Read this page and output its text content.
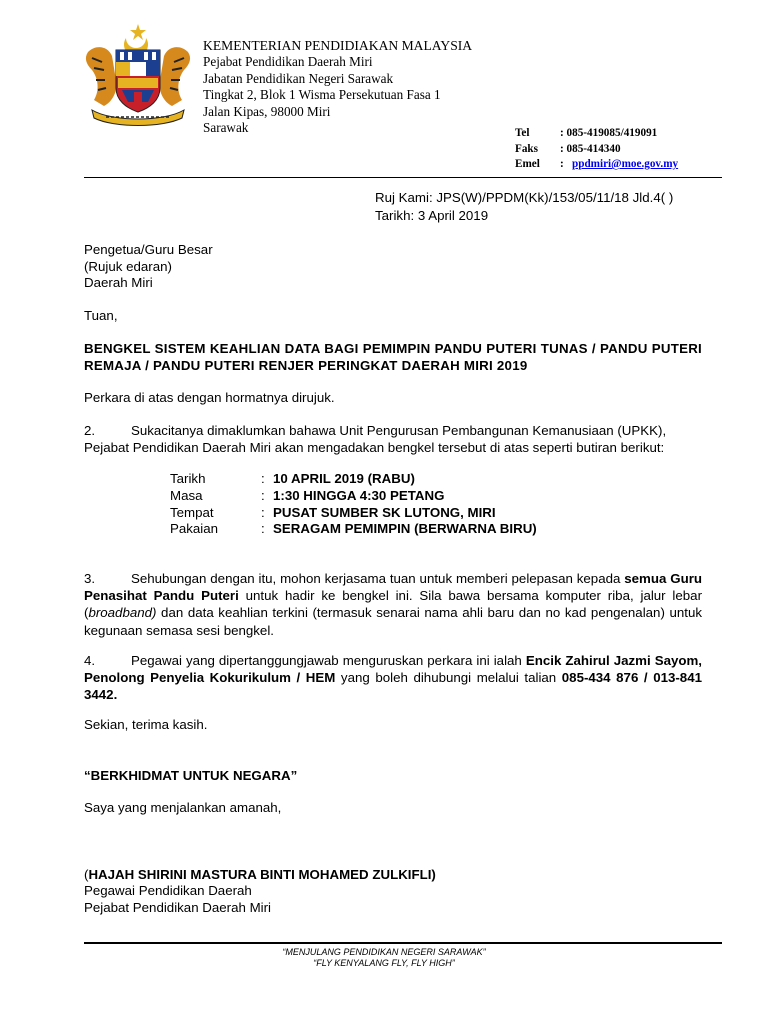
KEMENTERIAN PENDIDIAKAN MALAYSIA
Pejabat Pendidikan Daerah Miri
Jabatan Pendidikan Negeri Sarawak
Tingkat 2, Blok 1 Wisma Persekutuan Fasa 1
Jalan Kipas, 98000 Miri
Sarawak	Tel	: 085-419085/419091
Faks : 085-414340
Emel : ppdmiri@moe.gov.my
Ruj Kami: JPS(W)/PPDM(Kk)/153/05/11/18 Jld.4( )
Tarikh: 3 April 2019
Pengetua/Guru Besar
(Rujuk edaran)
Daerah Miri
Tuan,
BENGKEL SISTEM KEAHLIAN DATA BAGI PEMIMPIN PANDU PUTERI TUNAS / PANDU PUTERI REMAJA / PANDU PUTERI RENJER PERINGKAT DAERAH MIRI 2019
Perkara di atas dengan hormatnya dirujuk.
2.	Sukacitanya dimaklumkan bahawa Unit Pengurusan Pembangunan Kemanusiaan (UPKK),
Pejabat Pendidikan Daerah Miri akan mengadakan bengkel tersebut di atas seperti butiran berikut:
Tarikh	: 10 APRIL 2019 (RABU)
Masa	: 1:30 HINGGA 4:30 PETANG
Tempat	: PUSAT SUMBER SK LUTONG, MIRI
Pakaian	: SERAGAM PEMIMPIN (BERWARNA BIRU)
3.	Sehubungan dengan itu, mohon kerjasama tuan untuk memberi pelepasan kepada semua Guru Penasihat Pandu Puteri untuk hadir ke bengkel ini. Sila bawa bersama komputer riba, jalur lebar (broadband) dan data keahlian terkini (termasuk senarai nama ahli baru dan no kad pengenalan) untuk kegunaan semasa sesi bengkel.
4.	Pegawai yang dipertanggungjawab menguruskan perkara ini ialah Encik Zahirul Jazmi Sayom, Penolong Penyelia Kokurikulum / HEM yang boleh dihubungi melalui talian 085-434 876 / 013-841 3442.
Sekian, terima kasih.
“BERKHIDMAT UNTUK NEGARA”
Saya yang menjalankan amanah,
(HAJAH SHIRINI MASTURA BINTI MOHAMED ZULKIFLI)
Pegawai Pendidikan Daerah
Pejabat Pendidikan Daerah Miri
“MENJULANG PENDIDIKAN NEGERI SARAWAK”
“FLY KENYALANG FLY, FLY HIGH”
